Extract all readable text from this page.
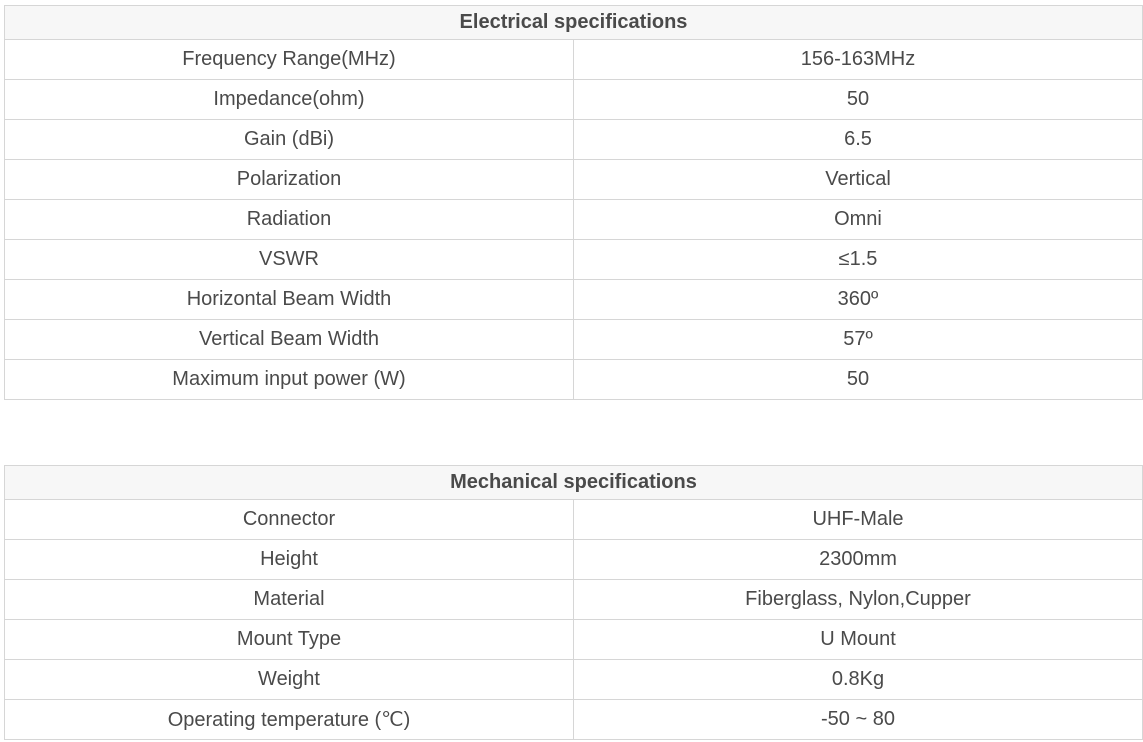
Electrical specifications	
Frequency Range(MHz)	156-163MHz
Impedance(ohm)	50
Gain (dBi)	6.5
Polarization	Vertical
Radiation	Omni
VSWR	≤1.5
Horizontal Beam Width	360º
Vertical Beam Width	57º
Maximum input power (W)	50
Mechanical specifications	
Connector	UHF-Male
Height	2300mm
Material	Fiberglass, Nylon,Cupper
Mount Type	U Mount
Weight	0.8Kg
Operating temperature (℃)	-50 ~ 80
